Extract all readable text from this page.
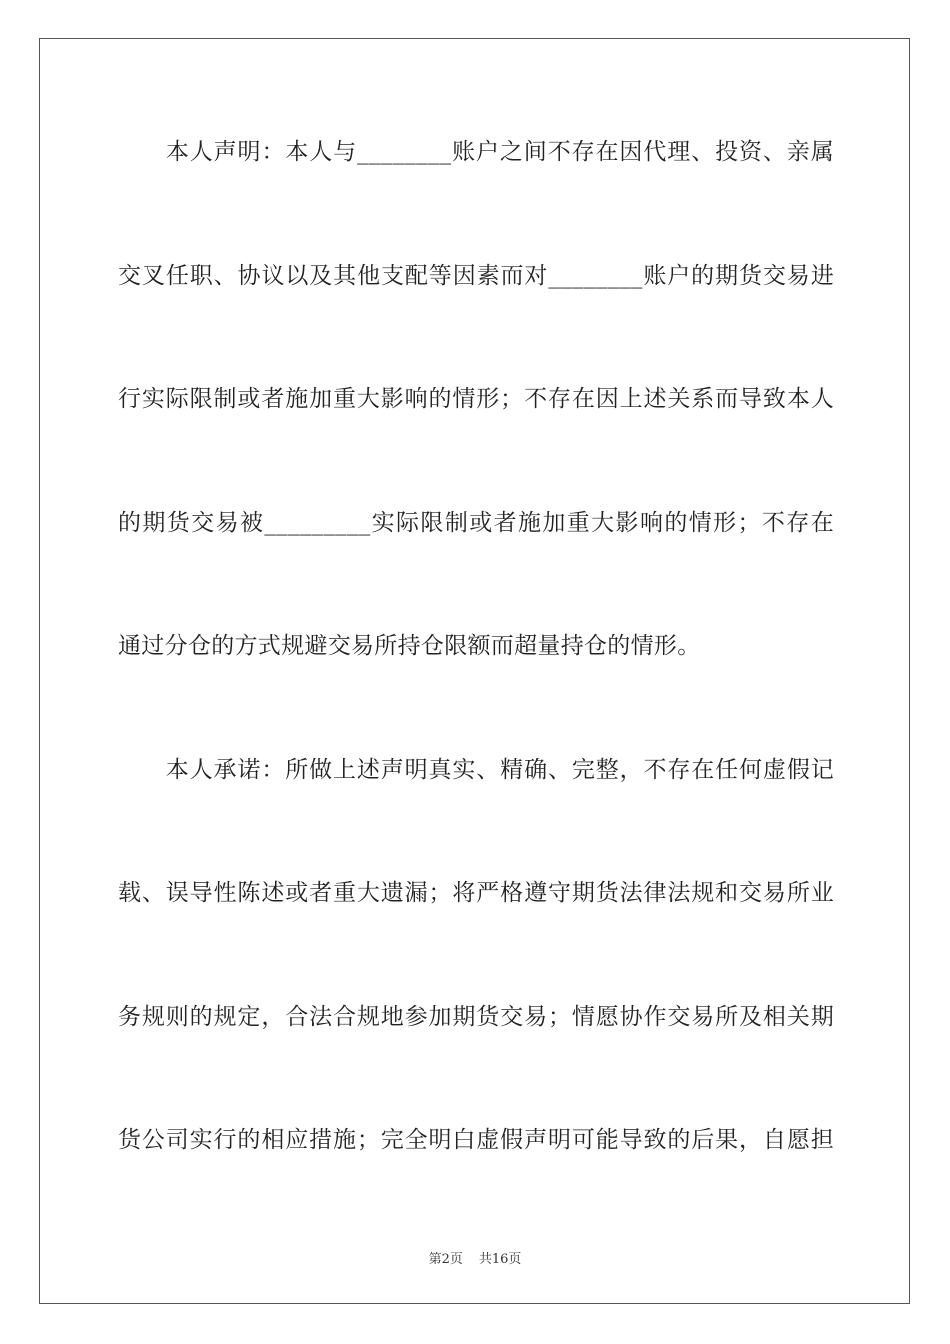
　　本人声明：本人与________账户之间不存在因代理、投资、亲属
交叉任职、协议以及其他支配等因素而对________账户的期货交易进
行实际限制或者施加重大影响的情形；不存在因上述关系而导致本人
的期货交易被_________实际限制或者施加重大影响的情形；不存在
通过分仓的方式规避交易所持仓限额而超量持仓的情形。
　　本人承诺：所做上述声明真实、精确、完整，不存在任何虚假记
载、误导性陈述或者重大遗漏；将严格遵守期货法律法规和交易所业
务规则的规定，合法合规地参加期货交易；情愿协作交易所及相关期
货公司实行的相应措施；完全明白虚假声明可能导致的后果，自愿担
第2页 共16页
